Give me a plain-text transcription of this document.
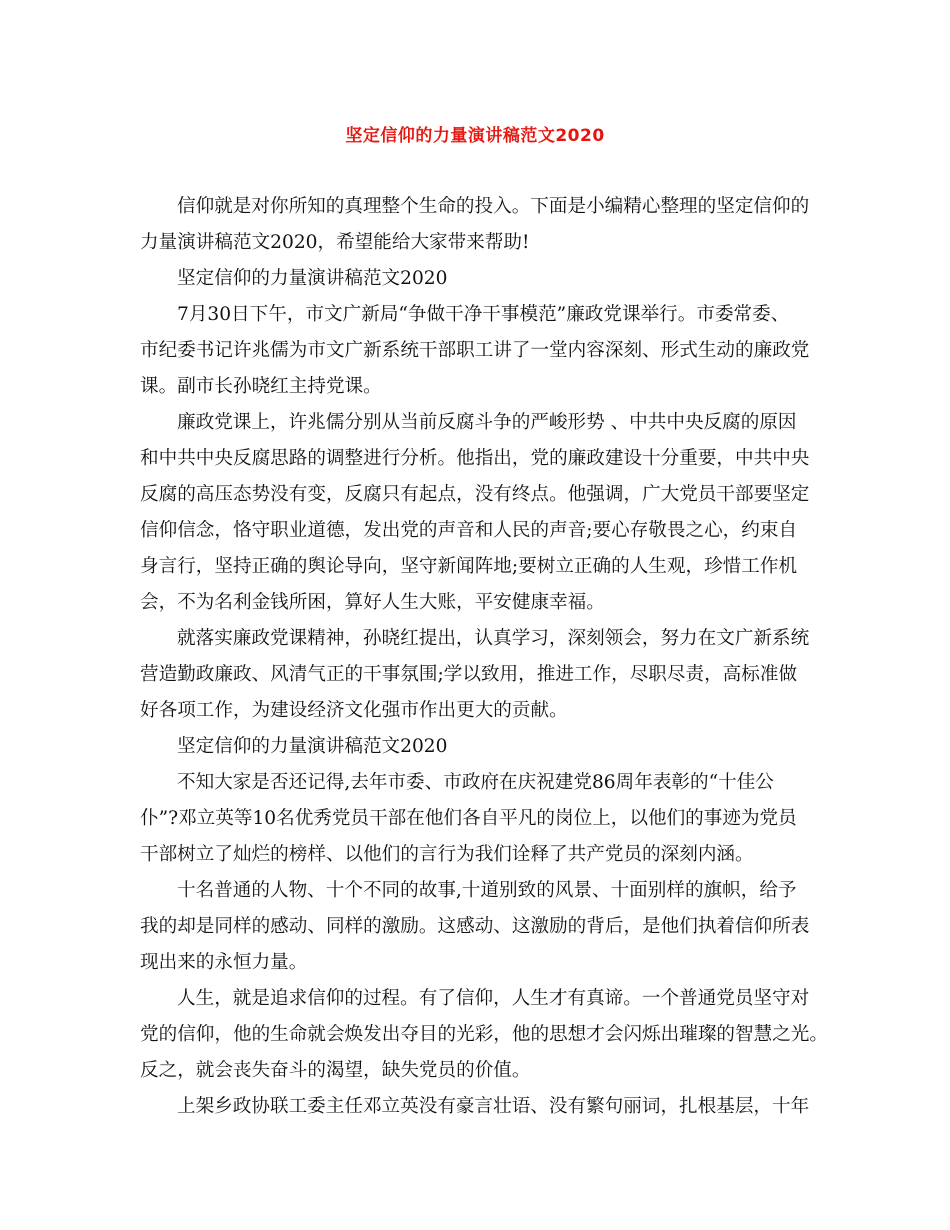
坚定信仰的力量演讲稿范文2020
信仰就是对你所知的真理整个生命的投入。下面是小编精心整理的坚定信仰的
力量演讲稿范文2020，希望能给大家带来帮助!
坚定信仰的力量演讲稿范文2020
7月30日下午，市文广新局“争做干净干事模范”廉政党课举行。市委常委、
市纪委书记许兆儒为市文广新系统干部职工讲了一堂内容深刻、形式生动的廉政党
课。副市长孙晓红主持党课。
廉政党课上，许兆儒分别从当前反腐斗争的严峻形势 、中共中央反腐的原因
和中共中央反腐思路的调整进行分析。他指出，党的廉政建设十分重要，中共中央
反腐的高压态势没有变，反腐只有起点，没有终点。他强调，广大党员干部要坚定
信仰信念，恪守职业道德，发出党的声音和人民的声音;要心存敬畏之心，约束自
身言行，坚持正确的舆论导向，坚守新闻阵地;要树立正确的人生观，珍惜工作机
会，不为名利金钱所困，算好人生大账，平安健康幸福。
就落实廉政党课精神，孙晓红提出，认真学习，深刻领会，努力在文广新系统
营造勤政廉政、风清气正的干事氛围;学以致用，推进工作，尽职尽责，高标准做
好各项工作，为建设经济文化强市作出更大的贡献。
坚定信仰的力量演讲稿范文2020
不知大家是否还记得,去年市委、市政府在庆祝建党86周年表彰的“十佳公
仆”?邓立英等10名优秀党员干部在他们各自平凡的岗位上，以他们的事迹为党员
干部树立了灿烂的榜样、以他们的言行为我们诠释了共产党员的深刻内涵。
十名普通的人物、十个不同的故事,十道别致的风景、十面别样的旗帜，给予
我的却是同样的感动、同样的激励。这感动、这激励的背后，是他们执着信仰所表
现出来的永恒力量。
人生，就是追求信仰的过程。有了信仰，人生才有真谛。一个普通党员坚守对
党的信仰，他的生命就会焕发出夺目的光彩，他的思想才会闪烁出璀璨的智慧之光。
反之，就会丧失奋斗的渴望，缺失党员的价值。
上架乡政协联工委主任邓立英没有豪言壮语、没有繁句丽词，扎根基层，十年
